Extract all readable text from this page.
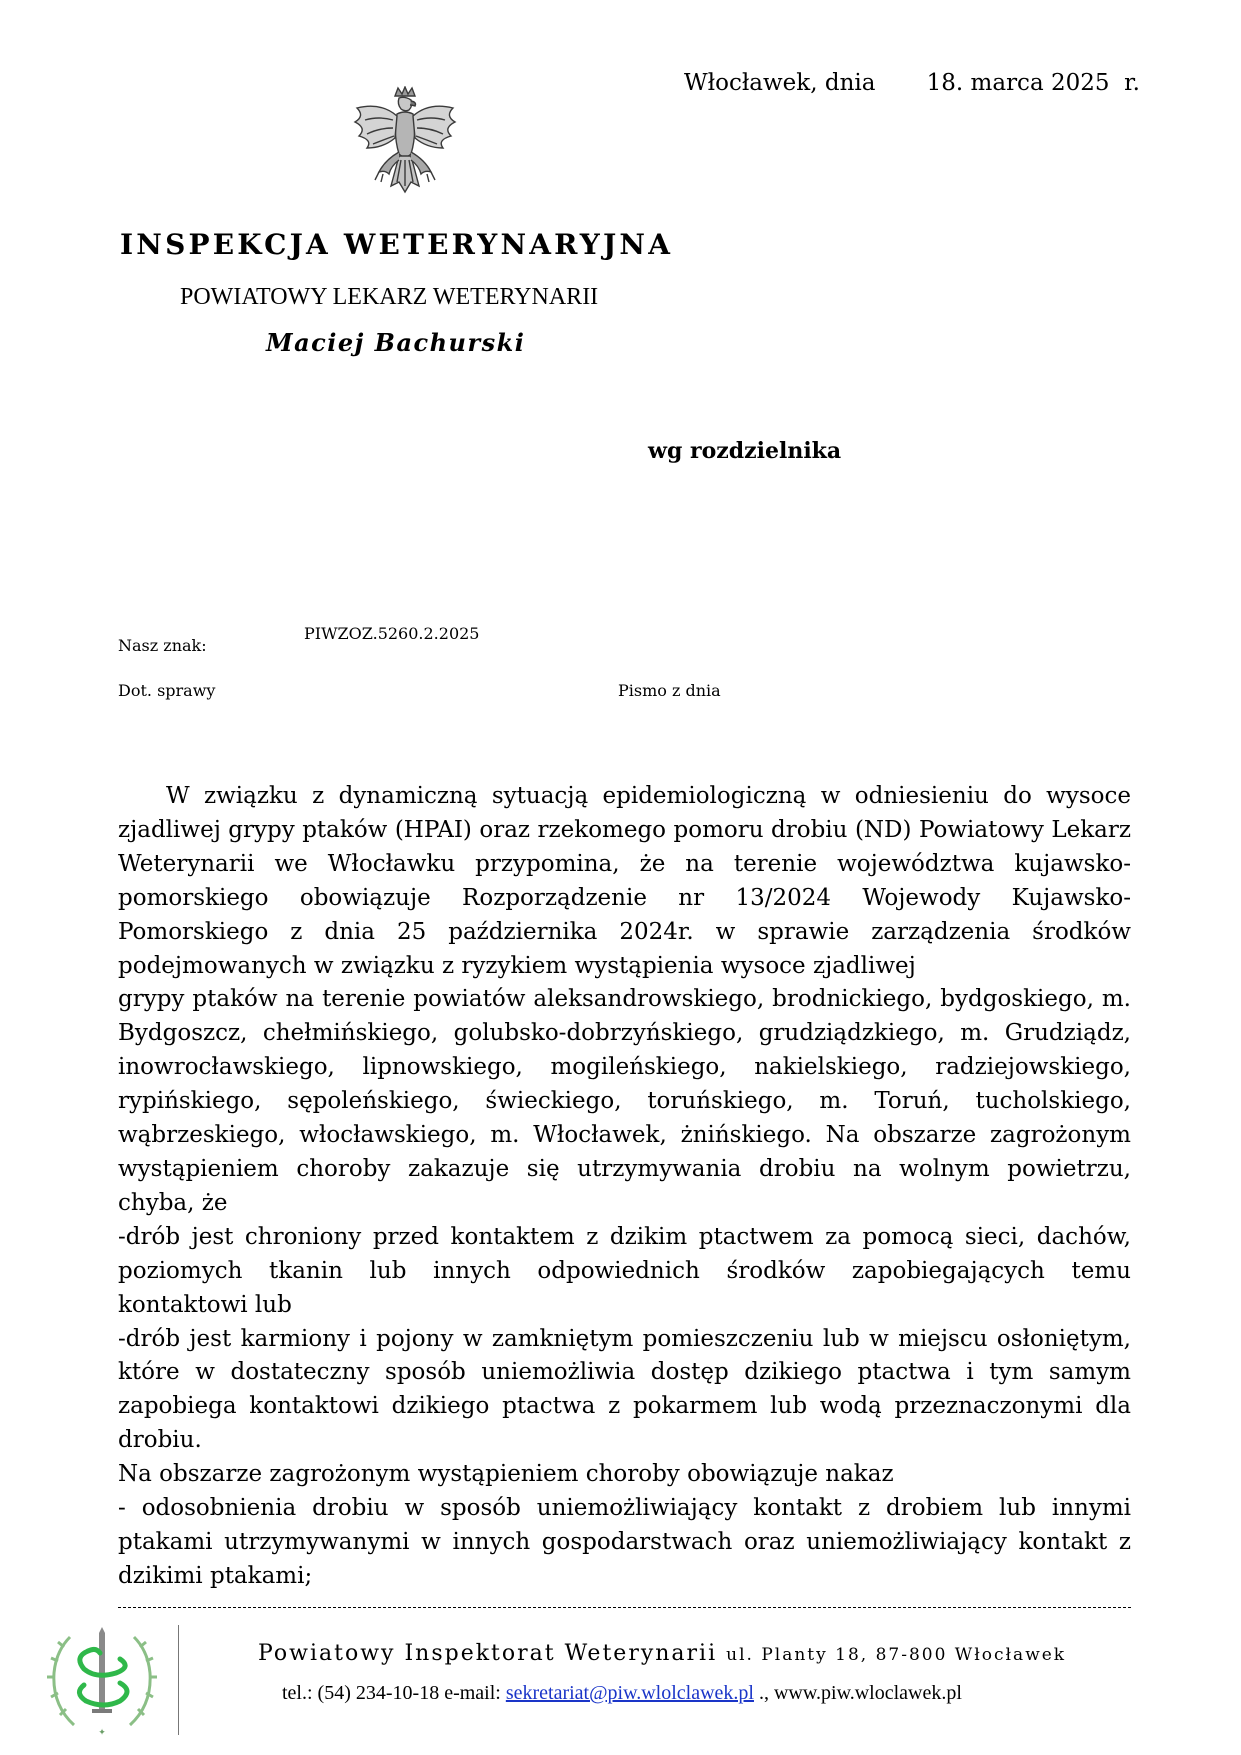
Włocławek, dnia 18. marca 2025  r.
INSPEKCJA WETERYNARYJNA
POWIATOWY LEKARZ WETERYNARII
Maciej Bachurski
wg rozdzielnika
Nasz znak:
PIWZOZ.5260.2.2025
Dot. sprawy	Pismo z dnia

W związku z dynamiczną sytuacją epidemiologiczną w odniesieniu do wysoce zjadliwej grypy ptaków (HPAI) oraz rzekomego pomoru drobiu (ND) Powiatowy Lekarz Weterynarii we Włocławku przypomina, że na terenie województwa kujawsko-pomorskiego obowiązuje Rozporządzenie nr 13/2024 Wojewody Kujawsko-Pomorskiego z dnia 25 października 2024r. w sprawie zarządzenia środków podejmowanych w związku z ryzykiem wystąpienia wysoce zjadliwej

grypy ptaków na terenie powiatów aleksandrowskiego, brodnickiego, bydgoskiego, m. Bydgoszcz, chełmińskiego, golubsko-dobrzyńskiego, grudziądzkiego, m. Grudziądz, inowrocławskiego, lipnowskiego, mogileńskiego, nakielskiego, radziejowskiego, rypińskiego, sępoleńskiego, świeckiego, toruńskiego, m. Toruń, tucholskiego, wąbrzeskiego, włocławskiego, m. Włocławek, żnińskiego. Na obszarze zagrożonym wystąpieniem choroby zakazuje się utrzymywania drobiu na wolnym powietrzu, chyba, że

-drób jest chroniony przed kontaktem z dzikim ptactwem za pomocą sieci, dachów, poziomych tkanin lub innych odpowiednich środków zapobiegających temu kontaktowi lub

-drób jest karmiony i pojony w zamkniętym pomieszczeniu lub w miejscu osłoniętym, które w dostateczny sposób uniemożliwia dostęp dzikiego ptactwa i tym samym zapobiega kontaktowi dzikiego ptactwa z pokarmem lub wodą przeznaczonymi dla drobiu.

Na obszarze zagrożonym wystąpieniem choroby obowiązuje nakaz

- odosobnienia drobiu w sposób uniemożliwiający kontakt z drobiem lub innymi ptakami utrzymywanymi w innych gospodarstwach oraz uniemożliwiający kontakt z dzikimi ptakami;

✦
Powiatowy Inspektorat Weterynarii ul. Planty 18, 87-800 Włocławek
tel.: (54) 234-10-18 e-mail: sekretariat@piw.wlolclawek.pl ., www.piw.wloclawek.pl
